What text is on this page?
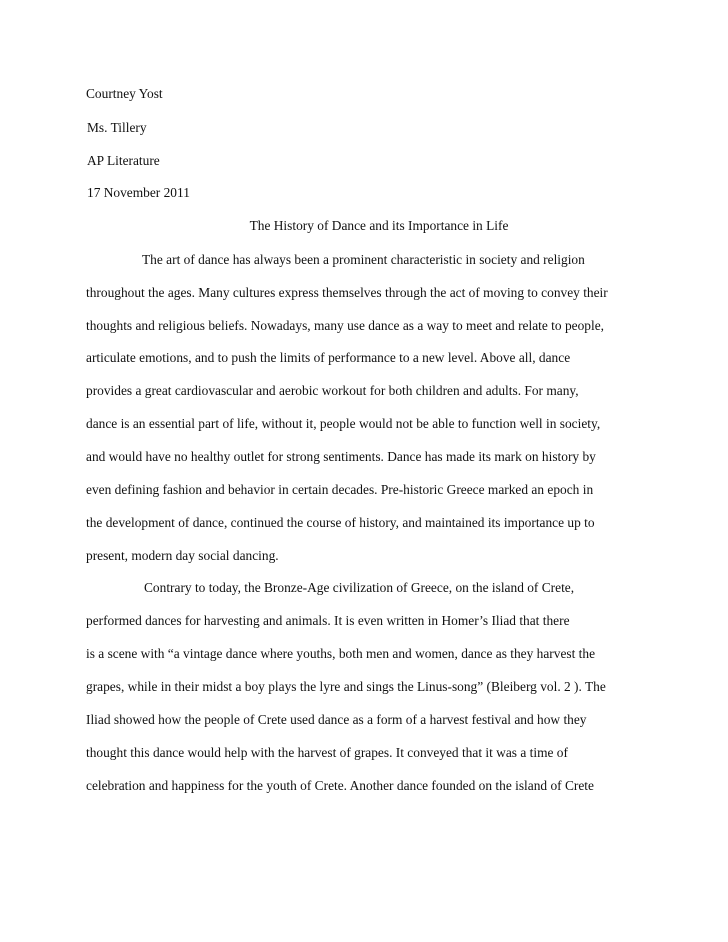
Courtney Yost
Ms. Tillery
AP Literature
17 November 2011
The History of Dance and its Importance in Life
The art of dance has always been a prominent characteristic in society and religion
throughout the ages. Many cultures express themselves through the act of moving to convey their
thoughts and religious beliefs. Nowadays, many use dance as a way to meet and relate to people,
articulate emotions, and to push the limits of performance to a new level. Above all, dance
provides a great cardiovascular and aerobic workout for both children and adults. For many,
dance is an essential part of life, without it, people would not be able to function well in society,
and would have no healthy outlet for strong sentiments. Dance has made its mark on history by
even defining fashion and behavior in certain decades. Pre-historic Greece marked an epoch in
the development of dance, continued the course of history, and maintained its importance up to
present, modern day social dancing.
Contrary to today, the Bronze-Age civilization of Greece, on the island of Crete,
performed dances for harvesting and animals. It is even written in Homer’s Iliad that there
is a scene with “a vintage dance where youths, both men and women, dance as they harvest the
grapes, while in their midst a boy plays the lyre and sings the Linus-song” (Bleiberg vol. 2 ). The
Iliad showed how the people of Crete used dance as a form of a harvest festival and how they
thought this dance would help with the harvest of grapes. It conveyed that it was a time of
celebration and happiness for the youth of Crete. Another dance founded on the island of Crete
